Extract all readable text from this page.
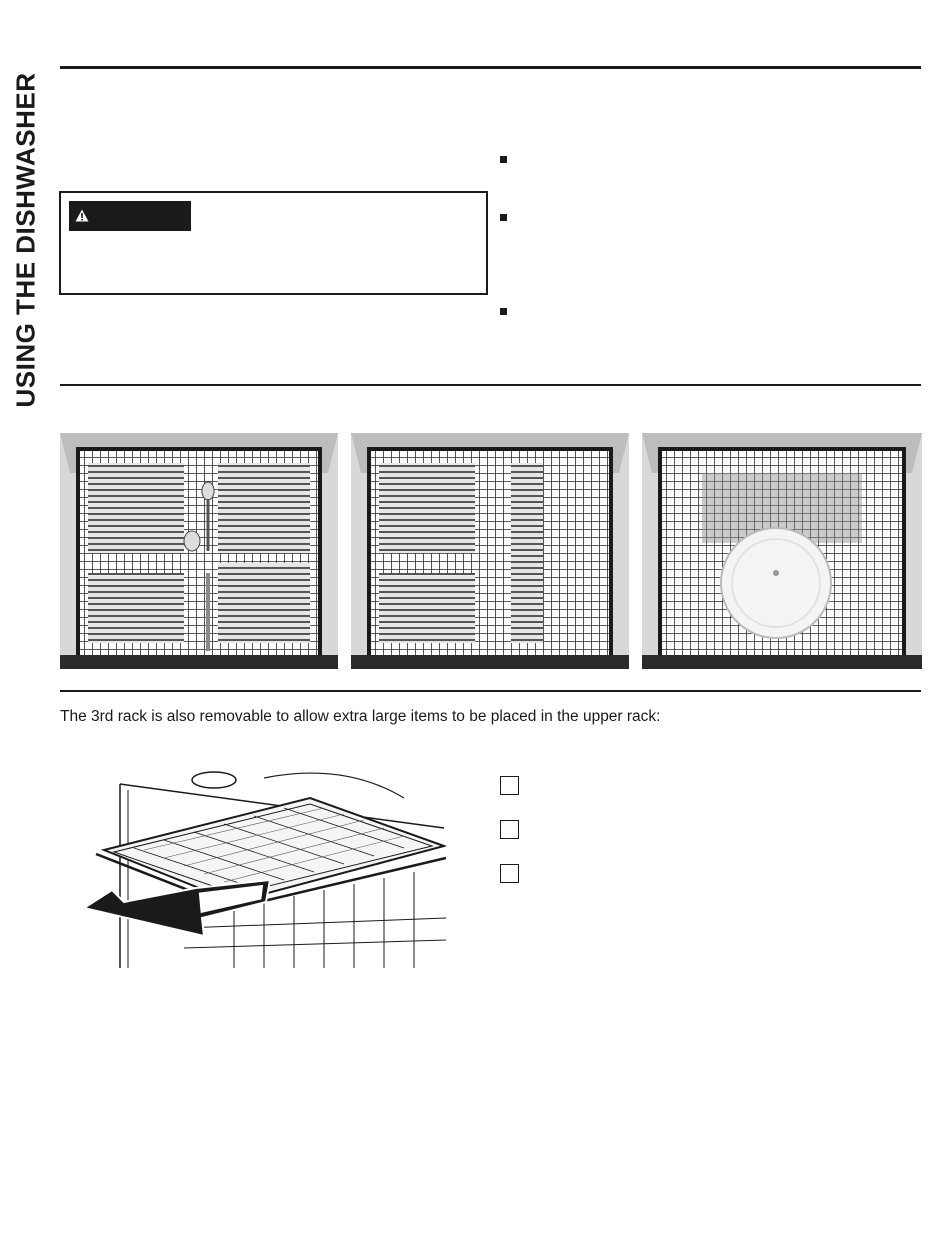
USING THE DISHWASHER
The 3rd rack is also removable to allow extra large items to be placed in the upper rack:
